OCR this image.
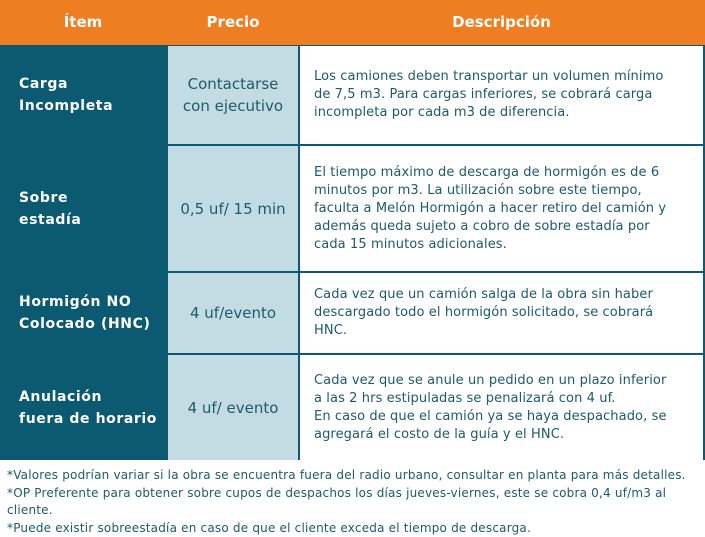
Ítem	Precio	Descripción
Carga
Incompleta
Contactarse
con ejecutivo
Los camiones deben transportar un volumen mínimo
de 7,5 m3. Para cargas inferiores, se cobrará carga
incompleta por cada m3 de diferencia.
Sobre
estadía
0,5 uf/ 15 min
El tiempo máximo de descarga de hormigón es de 6
minutos por m3. La utilización sobre este tiempo,
faculta a Melón Hormigón a hacer retiro del camión y
además queda sujeto a cobro de sobre estadía por
cada 15 minutos adicionales.
Hormigón NO
Colocado (HNC)
4 uf/evento
Cada vez que un camión salga de la obra sin haber
descargado todo el hormigón solicitado, se cobrará
HNC.
Anulación
fuera de horario
4 uf/ evento
Cada vez que se anule un pedido en un plazo inferior
a las 2 hrs estipuladas se penalizará con 4 uf.
En caso de que el camión ya se haya despachado, se
agregará el costo de la guía y el HNC.
*Valores podrían variar si la obra se encuentra fuera del radio urbano, consultar en planta para más detalles.
*OP Preferente para obtener sobre cupos de despachos los días jueves-viernes, este se cobra 0,4 uf/m3 al
cliente.
*Puede existir sobreestadía en caso de que el cliente exceda el tiempo de descarga.
